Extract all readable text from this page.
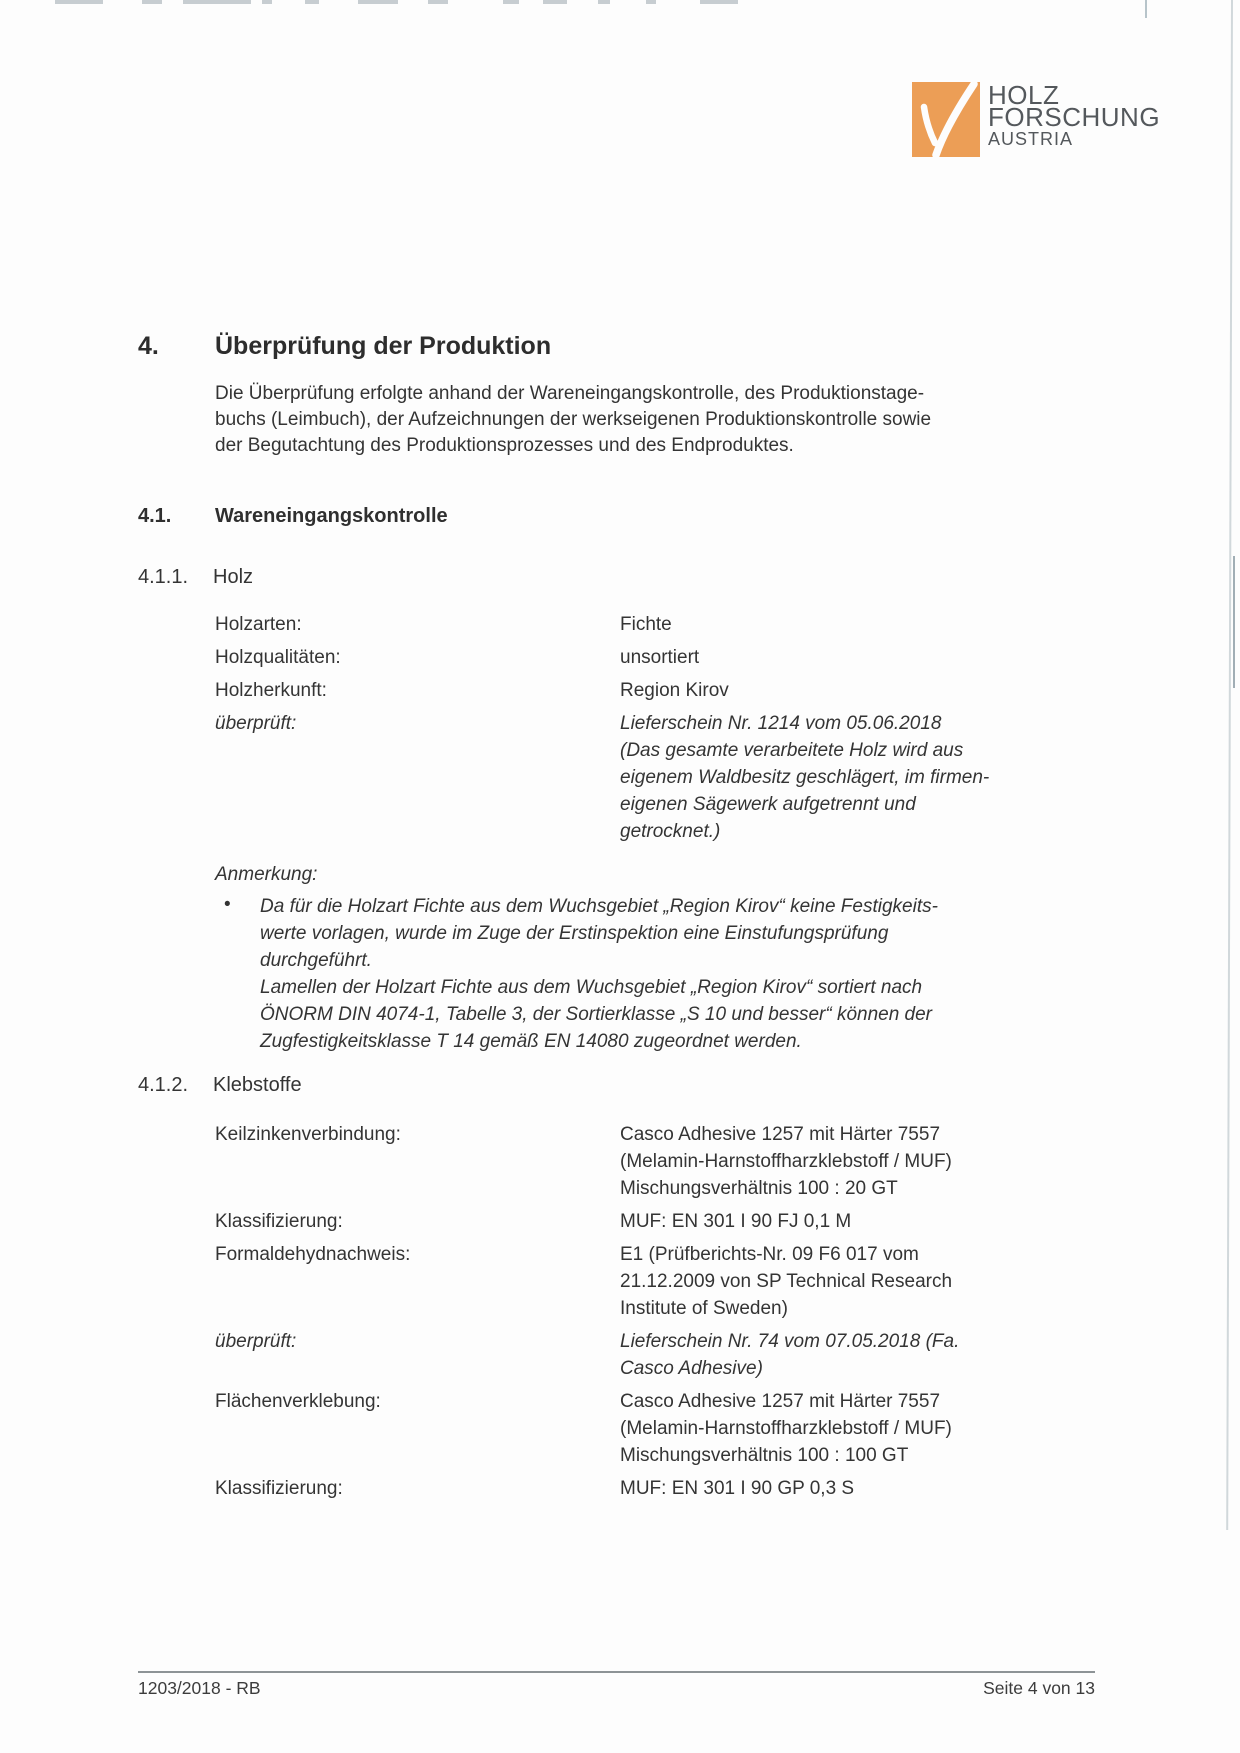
HOLZ
FORSCHUNG
AUSTRIA
4. Überprüfung der Produktion
Die Überprüfung erfolgte anhand der Wareneingangskontrolle, des Produktionstage-
buchs (Leimbuch), der Aufzeichnungen der werkseigenen Produktionskontrolle sowie
der Begutachtung des Produktionsprozesses und des Endproduktes.
4.1. Wareneingangskontrolle
4.1.1. Holz
Holzarten:	Fichte
Holzqualitäten:	unsortiert
Holzherkunft:	Region Kirov
überprüft:	Lieferschein Nr. 1214 vom 05.06.2018
(Das gesamte verarbeitete Holz wird aus
eigenem Waldbesitz geschlägert, im firmen-
eigenen Sägewerk aufgetrennt und
getrocknet.)
Anmerkung:
• Da für die Holzart Fichte aus dem Wuchsgebiet „Region Kirov“ keine Festigkeits-
werte vorlagen, wurde im Zuge der Erstinspektion eine Einstufungsprüfung
durchgeführt.
Lamellen der Holzart Fichte aus dem Wuchsgebiet „Region Kirov“ sortiert nach
ÖNORM DIN 4074-1, Tabelle 3, der Sortierklasse „S 10 und besser“ können der
Zugfestigkeitsklasse T 14 gemäß EN 14080 zugeordnet werden.
4.1.2. Klebstoffe
Keilzinkenverbindung:	Casco Adhesive 1257 mit Härter 7557
(Melamin-Harnstoffharzklebstoff / MUF)
Mischungsverhältnis 100 : 20 GT
Klassifizierung:	MUF: EN 301 I 90 FJ 0,1 M
Formaldehydnachweis:	E1 (Prüfberichts-Nr. 09 F6 017 vom
21.12.2009 von SP Technical Research
Institute of Sweden)
überprüft:	Lieferschein Nr. 74 vom 07.05.2018 (Fa.
Casco Adhesive)
Flächenverklebung:	Casco Adhesive 1257 mit Härter 7557
(Melamin-Harnstoffharzklebstoff / MUF)
Mischungsverhältnis 100 : 100 GT
Klassifizierung:	MUF: EN 301 I 90 GP 0,3 S
1203/2018 - RB	Seite 4 von 13
